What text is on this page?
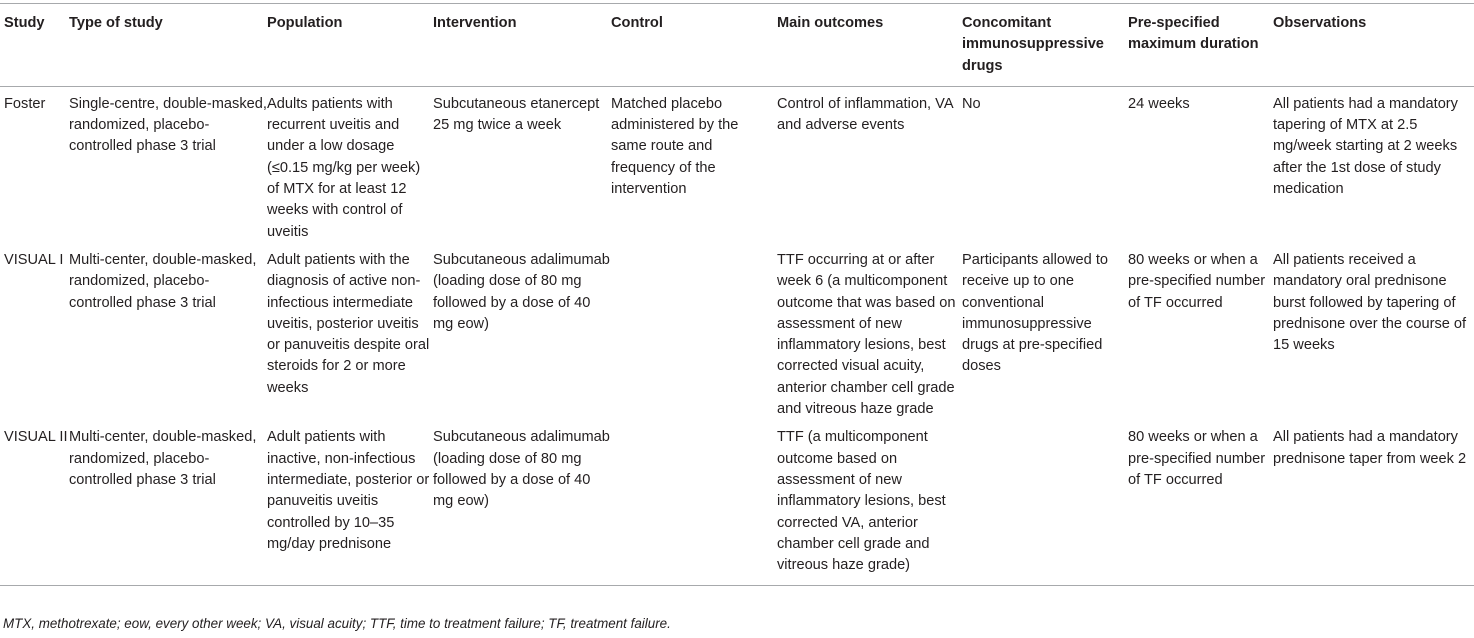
Study	Type of study	Population	Intervention	Control	Main outcomes	Concomitant immunosuppressive drugs	Pre-specified maximum duration	Observations
Foster	Single-centre, double-masked, randomized, placebo-controlled phase 3 trial	Adults patients with recurrent uveitis and under a low dosage (≤0.15 mg/kg per week) of MTX for at least 12 weeks with control of uveitis	Subcutaneous etanercept 25 mg twice a week	Matched placebo administered by the same route and frequency of the intervention	Control of inflammation, VA and adverse events	No	24 weeks	All patients had a mandatory tapering of MTX at 2.5 mg/week starting at 2 weeks after the 1st dose of study medication
VISUAL I	Multi-center, double-masked, randomized, placebo-controlled phase 3 trial	Adult patients with the diagnosis of active non-infectious intermediate uveitis, posterior uveitis or panuveitis despite oral steroids for 2 or more weeks	Subcutaneous adalimumab (loading dose of 80 mg followed by a dose of 40 mg eow)		TTF occurring at or after week 6 (a multicomponent outcome that was based on assessment of new inflammatory lesions, best corrected visual acuity, anterior chamber cell grade and vitreous haze grade	Participants allowed to receive up to one conventional immunosuppressive drugs at pre-specified doses	80 weeks or when a pre-specified number of TF occurred	All patients received a mandatory oral prednisone burst followed by tapering of prednisone over the course of 15 weeks
VISUAL II	Multi-center, double-masked, randomized, placebo-controlled phase 3 trial	Adult patients with inactive, non-infectious intermediate, posterior or panuveitis uveitis controlled by 10–35 mg/day prednisone	Subcutaneous adalimumab (loading dose of 80 mg followed by a dose of 40 mg eow)		TTF (a multicomponent outcome based on assessment of new inflammatory lesions, best corrected VA, anterior chamber cell grade and vitreous haze grade)		80 weeks or when a pre-specified number of TF occurred	All patients had a mandatory prednisone taper from week 2
MTX, methotrexate; eow, every other week; VA, visual acuity; TTF, time to treatment failure; TF, treatment failure.
